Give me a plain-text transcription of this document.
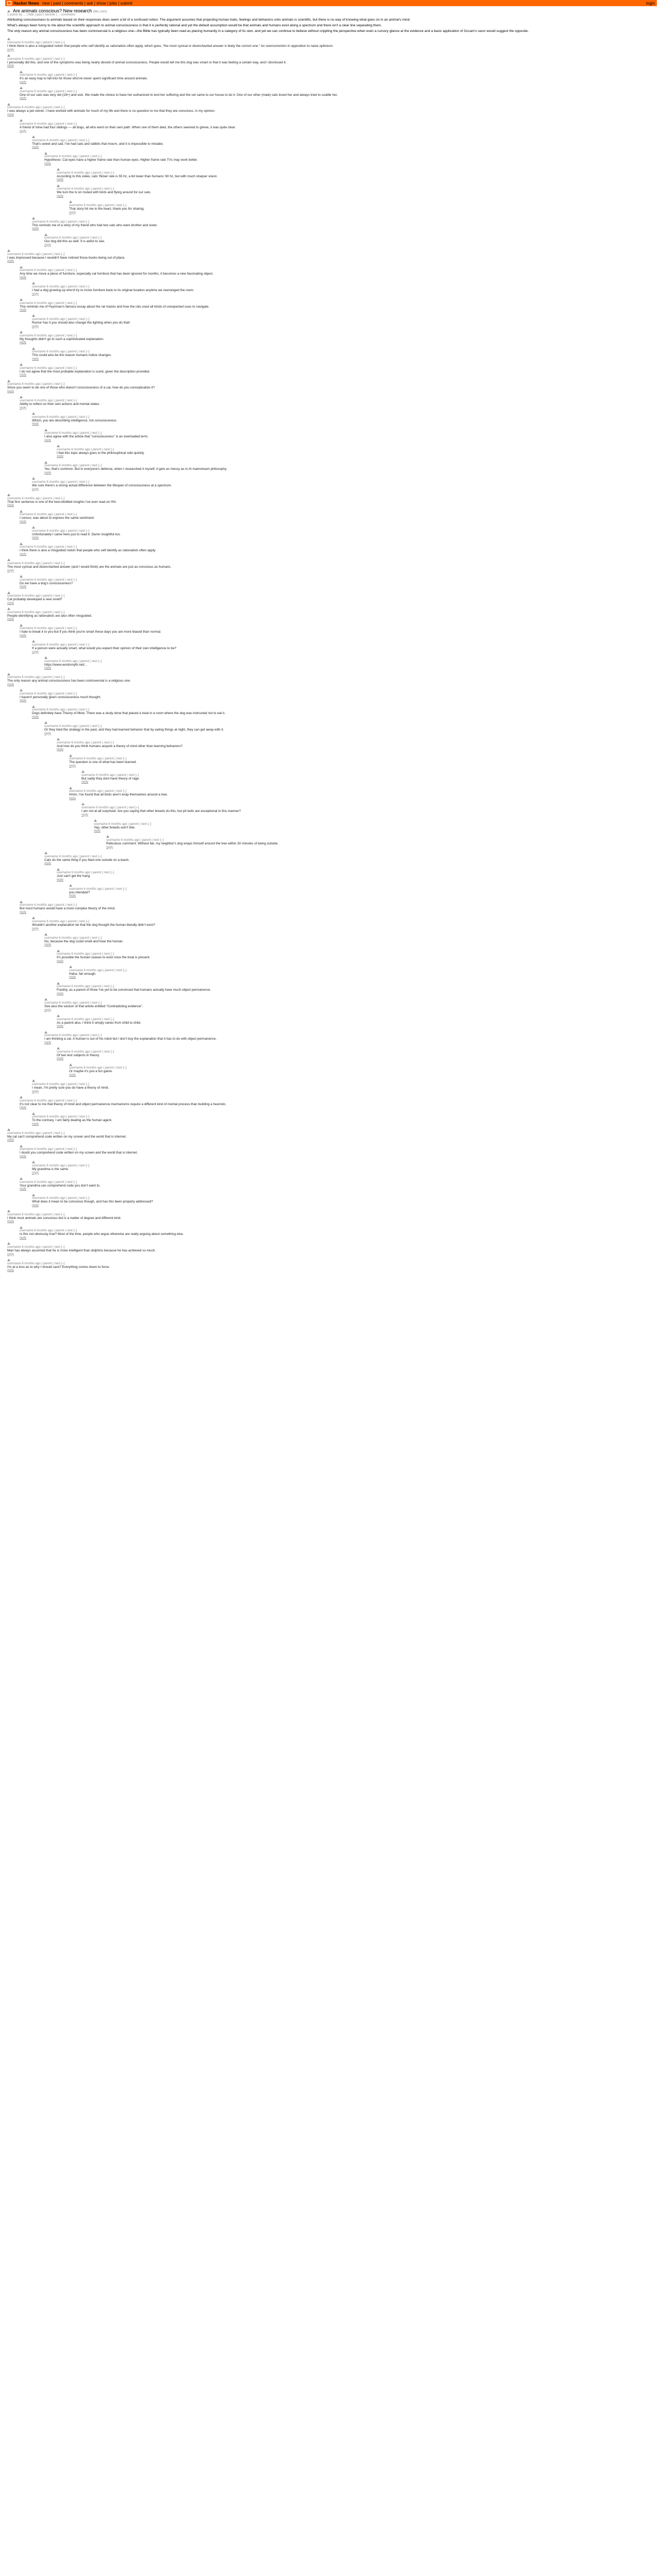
Hacker News new | past | comments | ask | show | jobs | submit	login
Are animals conscious? New research (bbc.com)
1 points by ... | hide | past | favorite | ... comments
Attributing consciousness to animals based on their responses does seem a bit of a confused notion. The argument assumes that projecting human traits, feelings and behaviors onto animals is scientific, but there is no way of knowing what goes on in an animal's mind.
What's always been funny to me about the scientific approach to animal consciousness is that it is perfectly rational and yet the default assumption would be that animals and humans exist along a spectrum and there isn't a clear line separating them.
The only reason any animal consciousness has been controversial is a religious one—the Bible has typically been read as placing humanity in a category of its own, and yet we can continue to believe without crippling the perspective when even a cursory glance at the evidence and a basic application of Occam's razor would suggest the opposite.
username 6 months ago | parent | next [–]
I think there is also a misguided notion that people who self identify as rationalists often apply, which goes, "the most cynical or disenchanted answer is likely the correct one." An overcorrection in opposition to naive optimism.
reply
username 6 months ago | parent | next [–]
I personally did this, and one of the symptoms was being nearly devoid of animal consciousness. People would tell me this dog was smart or that it was feeling a certain way, and I dismissed it.
reply
username 6 months ago | parent | next [–]
It's an easy trap to fall into for those who've never spent significant time around animals.
reply
username 6 months ago | parent | next [–]
One of our cats was very old (18+) and sick. We made the choice to have her euthanized to end her suffering and the vet came to our house to do it. One of our other (male) cats loved her and always tried to cuddle her.
reply
username 6 months ago | parent | next [–]
I was always a pet owner. I have worked with animals for much of my life and there is no question to me that they are conscious, in my opinion.
reply
username 6 months ago | parent | next [–]
A friend of mine had four siblings — all dogs, all who went on their own path. When one of them died, the others seemed to grieve, it was quite clear.
reply
username 6 months ago | parent | next [–]
That's sweet and sad. I've had cats and rabbits that mourn, and it is impossible to mistake.
reply
username 6 months ago | parent | next [–]
Hypothesis: Cat eyes have a higher frame rate than human eyes. Higher frame rate TVs may work better.
reply
username 6 months ago | parent | next [–]
According to this video, cats' flicker rate is 55 hz, a bit lower than humans' 60 hz, but with much sharper vision.
reply
username 6 months ago | parent | next [–]
We turn the tv on muted with birds and flying around for our cats.
reply
username 6 months ago | parent | next [–]
That story hit me in the heart, thank you for sharing.
reply
username 6 months ago | parent | next [–]
This reminds me of a story of my friend who had two cats who were brother and sister.
reply
username 6 months ago | parent | next [–]
Our dog did this as well. It is awful to see.
reply
username 6 months ago | parent | next [–]
I was impressed because I wouldn't have noticed those books being out of place.
reply
username 6 months ago | parent | next [–]
Any time we move a piece of furniture, especially cat furniture that has been ignored for months, it becomes a new fascinating object.
reply
username 6 months ago | parent | next [–]
I had a dog growing up who'd try to move furniture back to its original location anytime we rearranged the room.
reply
username 6 months ago | parent | next [–]
This reminds me of Feynman's famous essay about the rat mazes and how the rats used all kinds of unexpected cues to navigate.
reply
username 6 months ago | parent | next [–]
Rumor has it you should also change the lighting when you do that!
reply
username 6 months ago | parent | next [–]
My thoughts didn't go to such a sophisticated explanation.
reply
username 6 months ago | parent | next [–]
This could also be the reason humans notice changes.
reply
username 6 months ago | parent | next [–]
I do not agree that the most probable explanation is scent, given the description provided.
reply
username 6 months ago | parent | next [–]
Since you seem to be one of those who doesn't consciousness of a cat, how do you conceptualize it?
reply
username 6 months ago | parent | next [–]
Ability to reflect on their own actions and mental states.
reply
username 6 months ago | parent | next [–]
Which, you are describing intelligence, not consciousness.
reply
username 6 months ago | parent | next [–]
I also agree with the article that "consciousness" is an overloaded term.
reply
username 6 months ago | parent | next [–]
I feel this topic always goes to the philosophical side quickly.
reply
username 6 months ago | parent | next [–]
Yes, that's common. But in everyone's defense, when I researched it myself, it gets as messy as in AI mainstream philosophy.
reply
username 6 months ago | parent | next [–]
We sure there's a strong actual difference between the lifespan of consciousness at a spectrum.
reply
username 6 months ago | parent | next [–]
That first sentence is one of the best-distilled insights I've ever read on HN.
reply
username 6 months ago | parent | next [–]
I concur, was about to express the same sentiment.
reply
username 6 months ago | parent | next [–]
Unfortunately I came here just to read it. Damn insightful too.
reply
username 6 months ago | parent | next [–]
I think there is also a misguided notion that people who self identify as rationalists often apply.
reply
username 6 months ago | parent | next [–]
The most cynical and disenchanted answer (and I would think) are the animals are just as conscious as humans.
reply
username 6 months ago | parent | next [–]
Do we have a dog's consciousness?
reply
username 6 months ago | parent | next [–]
Cat probably developed a new smell?
reply
username 6 months ago | parent | next [–]
People identifying as rationalists are also often misguided.
reply
username 6 months ago | parent | next [–]
I hate to break it to you but if you think you're smart these days you are more biased than normal.
reply
username 6 months ago | parent | next [–]
If a person were actually smart, what would you expect their opinion of their own intelligence to be?
reply
username 6 months ago | parent | next [–]
https://www.wordsmyth.net/...
reply
username 6 months ago | parent | next [–]
The only reason any animal consciousness has been controversial is a religious one.
reply
username 6 months ago | parent | next [–]
I haven't personally given consciousness much thought.
reply
username 6 months ago | parent | next [–]
Dogs definitely have Theory of Mind. There was a study done that placed a treat in a room where the dog was instructed not to eat it.
reply
username 6 months ago | parent | next [–]
Or they tried the strategy in the past, and they had learned behavior that by eating things at night, they can get away with it.
reply
username 6 months ago | parent | next [–]
And how do you think humans acquire a theory of mind other than learning behaviors?
reply
username 6 months ago | parent | next [–]
The question is one of what has been learned.
reply
username 6 months ago | parent | next [–]
But sadly they dont have theory of rage.
reply
username 6 months ago | parent | next [–]
Hmm, I've found that all birds aren't wrap themselves around a tree.
reply
username 6 months ago | parent | next [–]
I am not at all surprised. Are you saying that other breeds do this, but pit bulls are exceptional in this manner?
reply
username 6 months ago | parent | next [–]
Yep, other breeds won't bite.
reply
username 6 months ago | parent | next [–]
Ridiculous comment. Without fail, my neighbor's dog wraps himself around the tree within 30 minutes of being outside.
reply
username 6 months ago | parent | next [–]
Cats do the same thing if you feed one outside on a leash.
reply
username 6 months ago | parent | next [–]
Just can't get the hang.
reply
username 6 months ago | parent | next [–]
you intended?
reply
username 6 months ago | parent | next [–]
But most humans would have a more complex theory of the mind.
reply
username 6 months ago | parent | next [–]
Wouldn't another explanation be that the dog thought the human literally didn't exist?
reply
username 6 months ago | parent | next [–]
No, because the dog could smell and hear the human.
reply
username 6 months ago | parent | next [–]
It's possible the human ceases to exist once the treat is present.
reply
username 6 months ago | parent | next [–]
Haha, fair enough.
reply
username 6 months ago | parent | next [–]
Frankly, as a parent of three I've yet to be convinced that humans actually have much object permanence.
reply
username 6 months ago | parent | next [–]
See also the section of that article entitled "Contradicting evidence".
reply
username 6 months ago | parent | next [–]
As a parent also, I think it simply varies from child to child.
reply
username 6 months ago | parent | next [–]
I am thinking a cat. A human is out of his robot but I don't buy the explanation that it has to do with object permanence.
reply
username 6 months ago | parent | next [–]
Of two test subjects in theory.
reply
username 6 months ago | parent | next [–]
Or maybe it's just a fun game.
reply
username 6 months ago | parent | next [–]
I mean, I'm pretty sure you do have a theory of mind.
reply
username 6 months ago | parent | next [–]
It's not clear to me that theory of mind and object permanence mechanisms require a different kind of mental process than building a heuristic.
reply
username 6 months ago | parent | next [–]
To the contrary, I am fairly dealing as the human agent.
reply
username 6 months ago | parent | next [–]
My cat can't comprehend code written on my screen and the world that is internet.
reply
username 6 months ago | parent | next [–]
I doubt you comprehend code written on my screen and the world that is internet.
reply
username 6 months ago | parent | next [–]
My grandma is the same.
reply
username 6 months ago | parent | next [–]
Your grandma can comprehend code you don't want to.
reply
username 6 months ago | parent | next [–]
What does it mean to be conscious though, and has this been properly addressed?
reply
username 6 months ago | parent | next [–]
I think most animals are conscious but is a matter of degree and different kind.
reply
username 6 months ago | parent | next [–]
Is this not obviously true? Most of the time, people who argue otherwise are really arguing about something else.
reply
username 6 months ago | parent | next [–]
Man has always assumed that he is more intelligent than dolphins because he has achieved so much.
reply
username 6 months ago | parent | next [–]
I'm at a loss as to why I should care? Everything comes down to force.
reply
